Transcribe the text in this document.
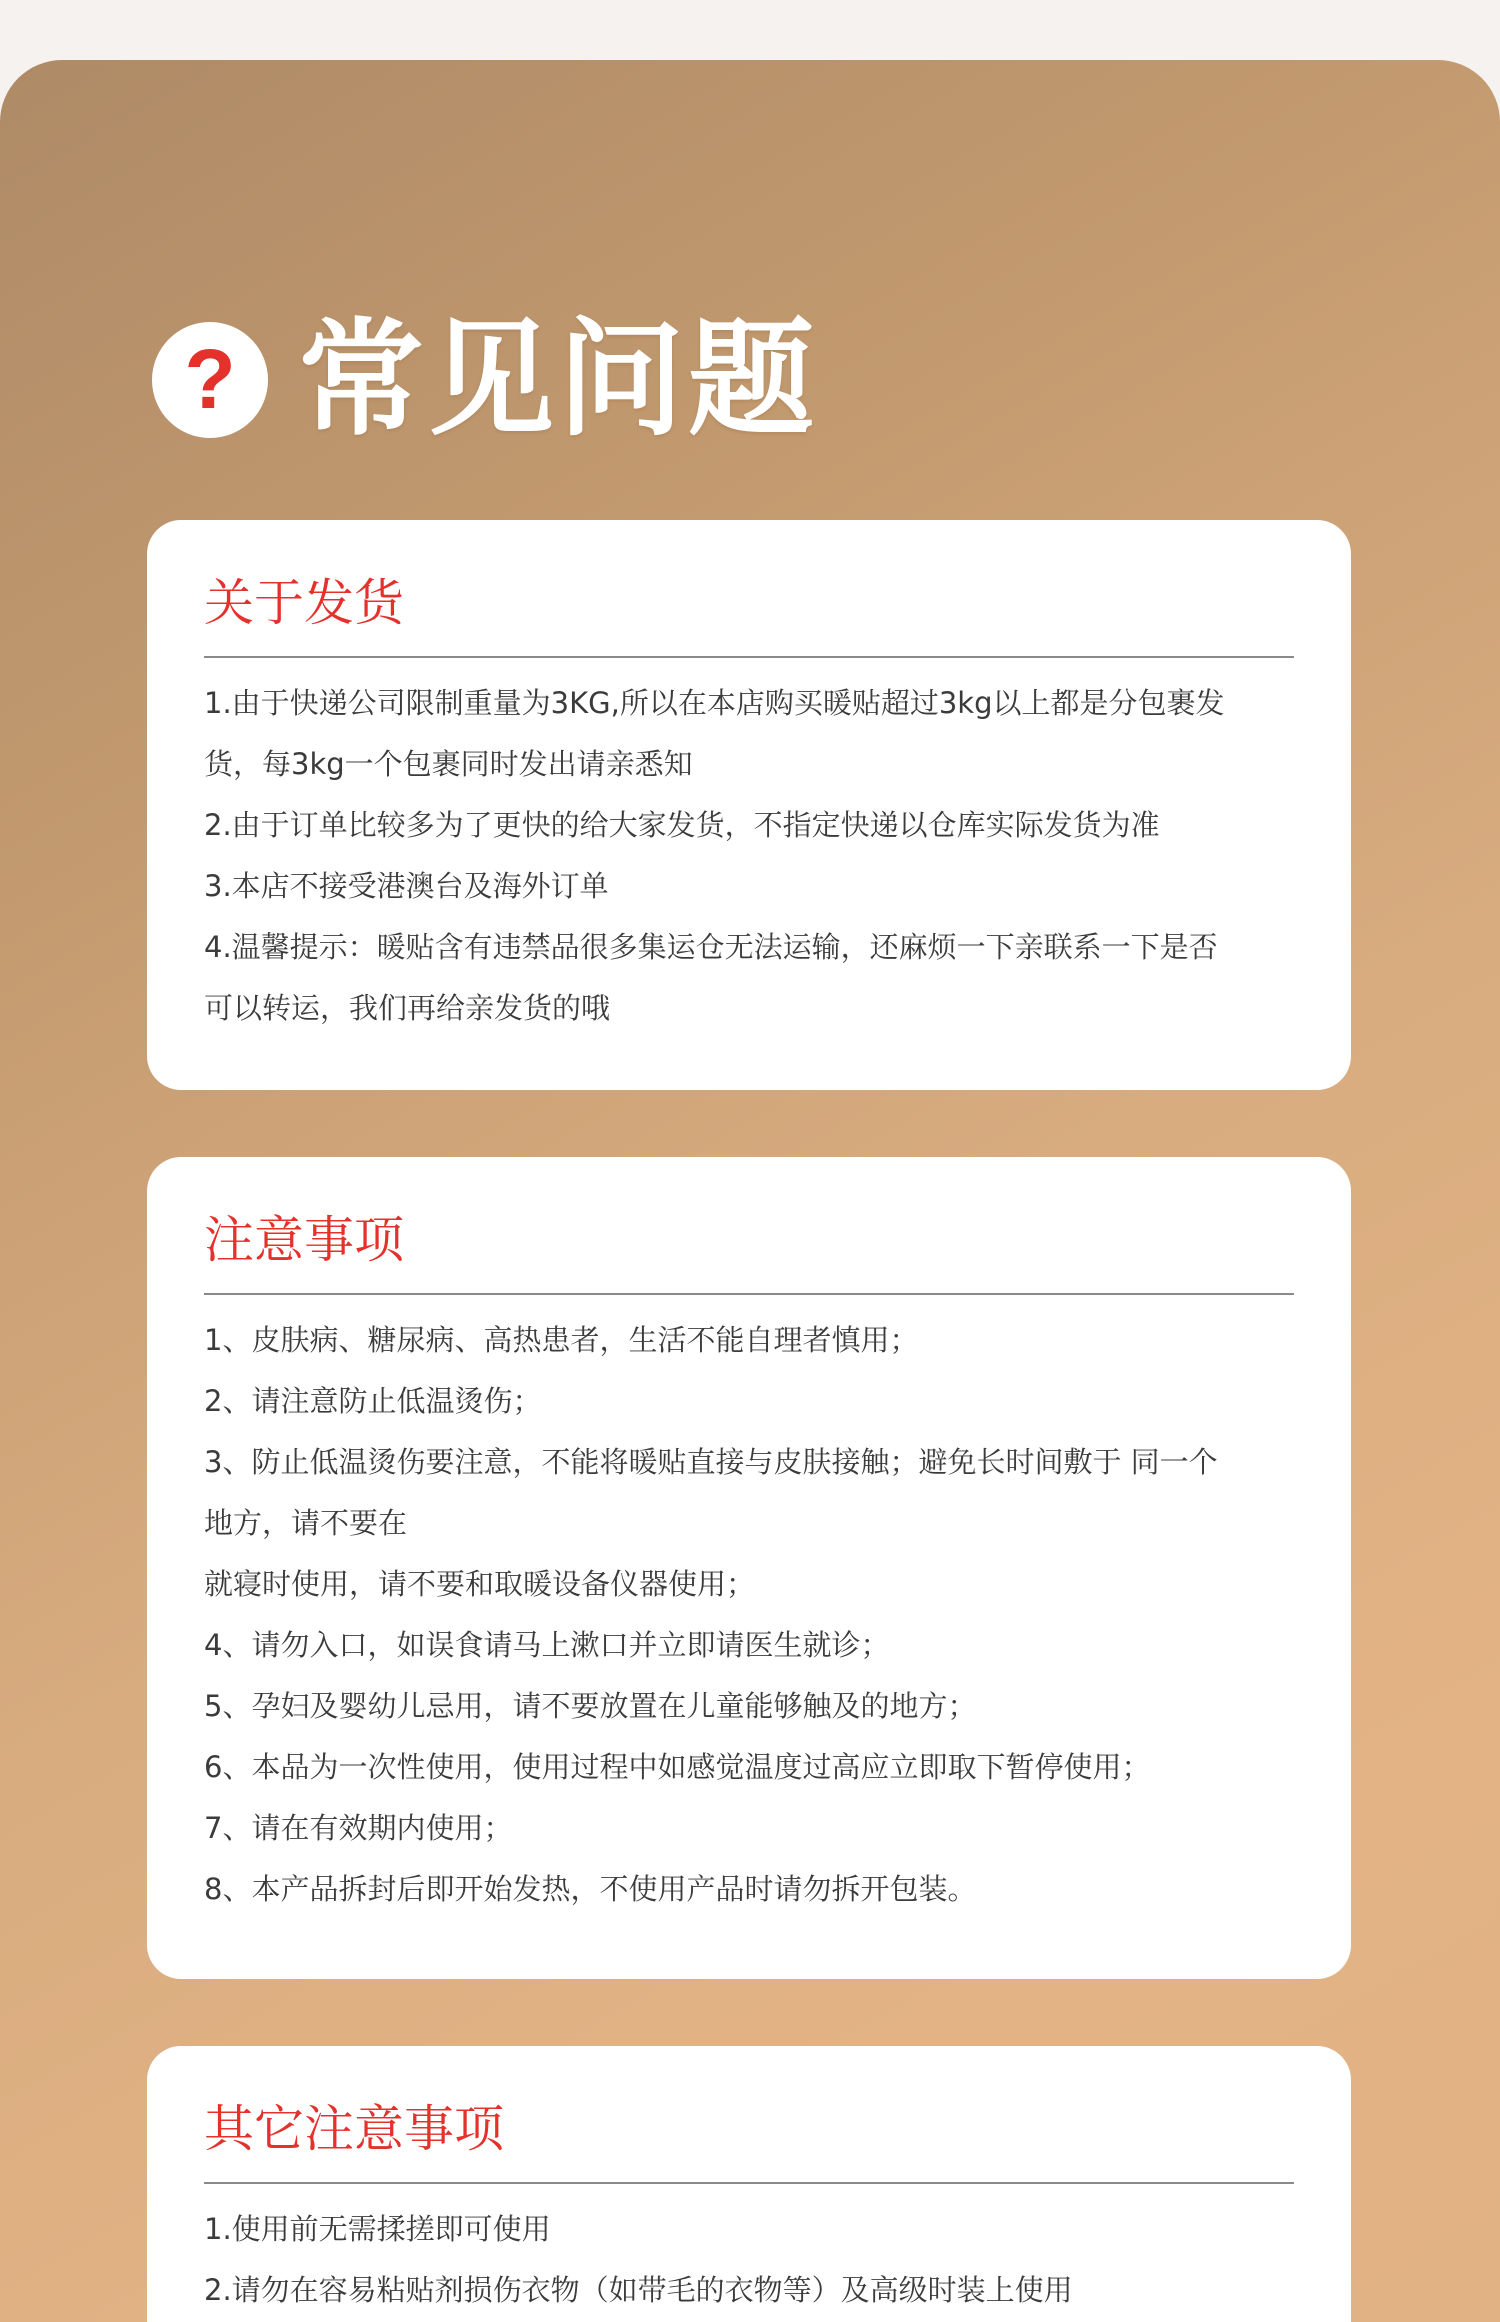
? 常见问题
关于发货
1.由于快递公司限制重量为3KG,所以在本店购买暖贴超过3kg以上都是分包裹发
货，每3kg一个包裹同时发出请亲悉知
2.由于订单比较多为了更快的给大家发货，不指定快递以仓库实际发货为准
3.本店不接受港澳台及海外订单
4.温馨提示：暖贴含有违禁品很多集运仓无法运输，还麻烦一下亲联系一下是否
可以转运，我们再给亲发货的哦
注意事项
1、皮肤病、糖尿病、高热患者，生活不能自理者慎用；
2、请注意防止低温烫伤；
3、防止低温烫伤要注意，不能将暖贴直接与皮肤接触；避免长时间敷于 同一个
地方，请不要在
就寝时使用，请不要和取暖设备仪器使用；
4、请勿入口，如误食请马上漱口并立即请医生就诊；
5、孕妇及婴幼儿忌用，请不要放置在儿童能够触及的地方；
6、本品为一次性使用，使用过程中如感觉温度过高应立即取下暂停使用；
7、请在有效期内使用；
8、本产品拆封后即开始发热，不使用产品时请勿拆开包装。
其它注意事项
1.使用前无需揉搓即可使用
2.请勿在容易粘贴剂损伤衣物（如带毛的衣物等）及高级时装上使用
